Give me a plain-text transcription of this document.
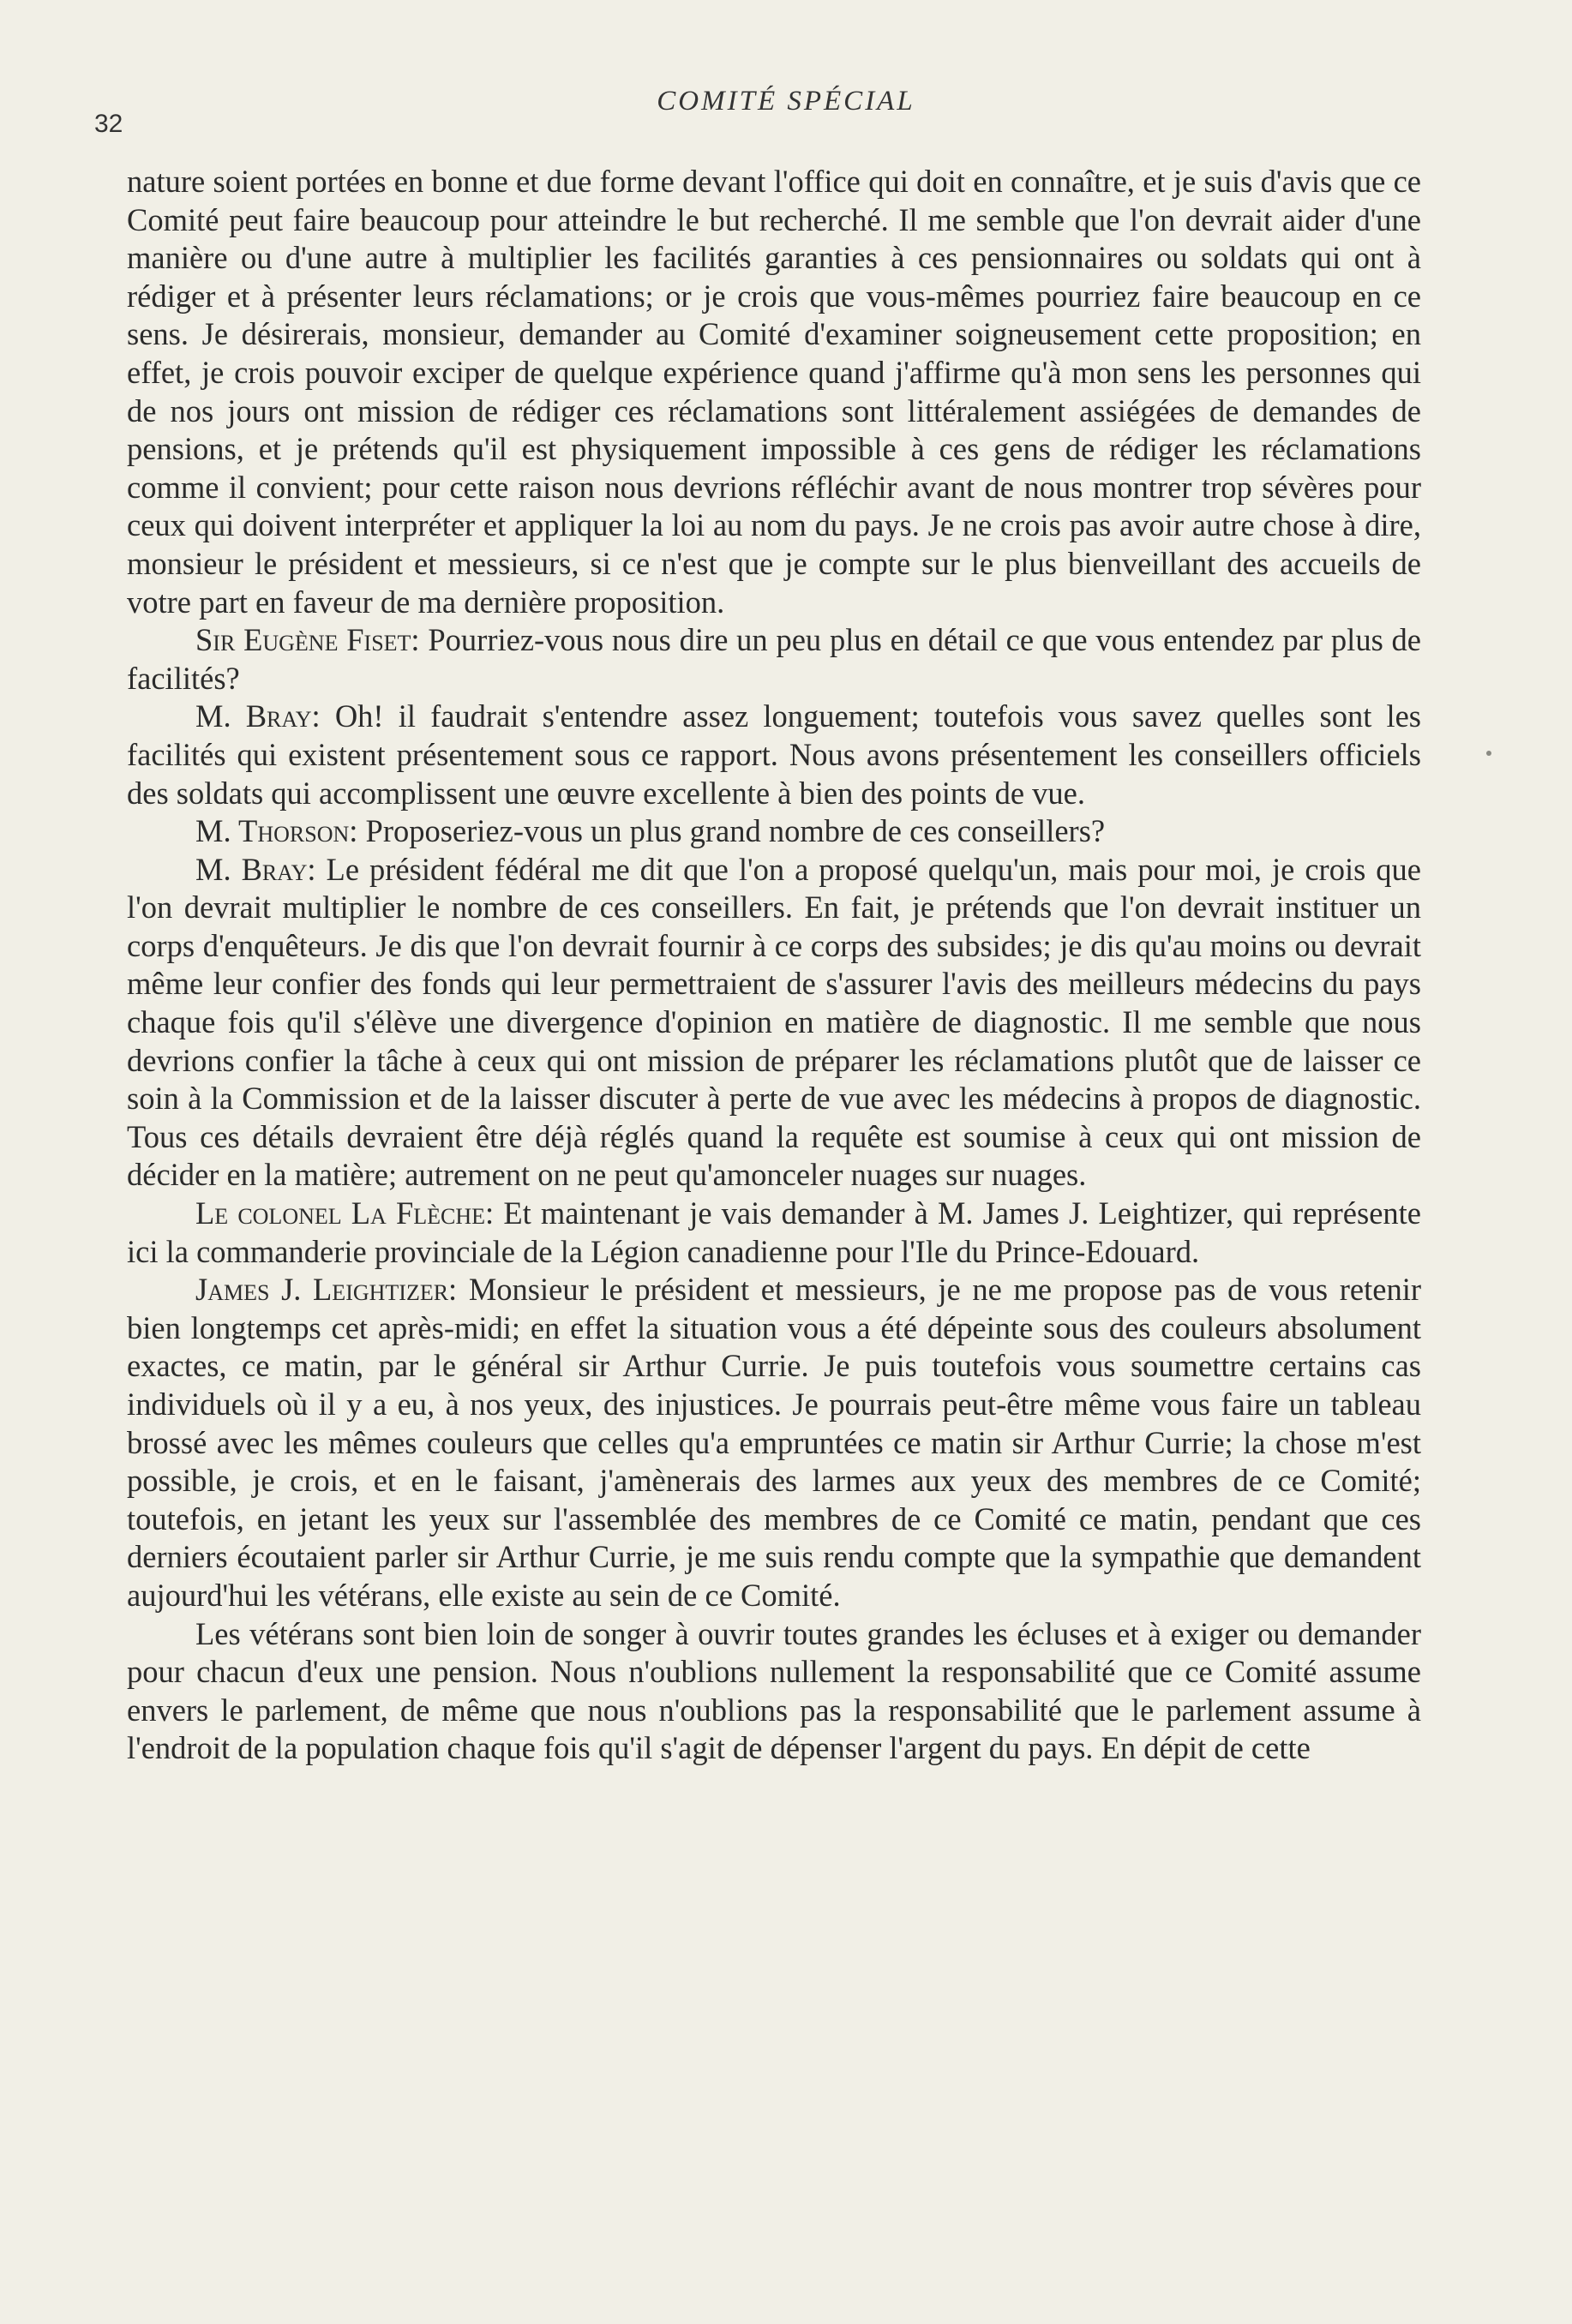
32
COMITÉ SPÉCIAL

nature soient portées en bonne et due forme devant l'office qui doit en connaître, et je suis d'avis que ce Comité peut faire beaucoup pour atteindre le but recherché. Il me semble que l'on devrait aider d'une manière ou d'une autre à multiplier les facilités garanties à ces pensionnaires ou soldats qui ont à rédiger et à présenter leurs réclamations; or je crois que vous-mêmes pourriez faire beaucoup en ce sens. Je désirerais, monsieur, demander au Comité d'examiner soigneusement cette proposition; en effet, je crois pouvoir exciper de quelque expérience quand j'affirme qu'à mon sens les personnes qui de nos jours ont mission de rédiger ces réclamations sont littéralement assiégées de demandes de pensions, et je prétends qu'il est physiquement impossible à ces gens de rédiger les réclamations comme il convient; pour cette raison nous devrions réfléchir avant de nous montrer trop sévères pour ceux qui doivent interpréter et appliquer la loi au nom du pays. Je ne crois pas avoir autre chose à dire, monsieur le président et messieurs, si ce n'est que je compte sur le plus bienveillant des accueils de votre part en faveur de ma dernière proposition.

Sir Eugène Fiset: Pourriez-vous nous dire un peu plus en détail ce que vous entendez par plus de facilités?

M. Bray: Oh! il faudrait s'entendre assez longuement; toutefois vous savez quelles sont les facilités qui existent présentement sous ce rapport. Nous avons présentement les conseillers officiels des soldats qui accomplissent une œuvre excellente à bien des points de vue.

M. Thorson: Proposeriez-vous un plus grand nombre de ces conseillers?

M. Bray: Le président fédéral me dit que l'on a proposé quelqu'un, mais pour moi, je crois que l'on devrait multiplier le nombre de ces conseillers. En fait, je prétends que l'on devrait instituer un corps d'enquêteurs. Je dis que l'on devrait fournir à ce corps des subsides; je dis qu'au moins ou devrait même leur confier des fonds qui leur permettraient de s'assurer l'avis des meilleurs médecins du pays chaque fois qu'il s'élève une divergence d'opinion en matière de diagnostic. Il me semble que nous devrions confier la tâche à ceux qui ont mission de préparer les réclamations plutôt que de laisser ce soin à la Commission et de la laisser discuter à perte de vue avec les médecins à propos de diagnostic. Tous ces détails devraient être déjà réglés quand la requête est soumise à ceux qui ont mission de décider en la matière; autrement on ne peut qu'amonceler nuages sur nuages.

Le colonel La Flèche: Et maintenant je vais demander à M. James J. Leightizer, qui représente ici la commanderie provinciale de la Légion canadienne pour l'Ile du Prince-Edouard.

James J. Leightizer: Monsieur le président et messieurs, je ne me propose pas de vous retenir bien longtemps cet après-midi; en effet la situation vous a été dépeinte sous des couleurs absolument exactes, ce matin, par le général sir Arthur Currie. Je puis toutefois vous soumettre certains cas individuels où il y a eu, à nos yeux, des injustices. Je pourrais peut-être même vous faire un tableau brossé avec les mêmes couleurs que celles qu'a empruntées ce matin sir Arthur Currie; la chose m'est possible, je crois, et en le faisant, j'amènerais des larmes aux yeux des membres de ce Comité; toutefois, en jetant les yeux sur l'assemblée des membres de ce Comité ce matin, pendant que ces derniers écoutaient parler sir Arthur Currie, je me suis rendu compte que la sympathie que demandent aujourd'hui les vétérans, elle existe au sein de ce Comité.

Les vétérans sont bien loin de songer à ouvrir toutes grandes les écluses et à exiger ou demander pour chacun d'eux une pension. Nous n'oublions nullement la responsabilité que ce Comité assume envers le parlement, de même que nous n'oublions pas la responsabilité que le parlement assume à l'endroit de la population chaque fois qu'il s'agit de dépenser l'argent du pays. En dépit de cette
